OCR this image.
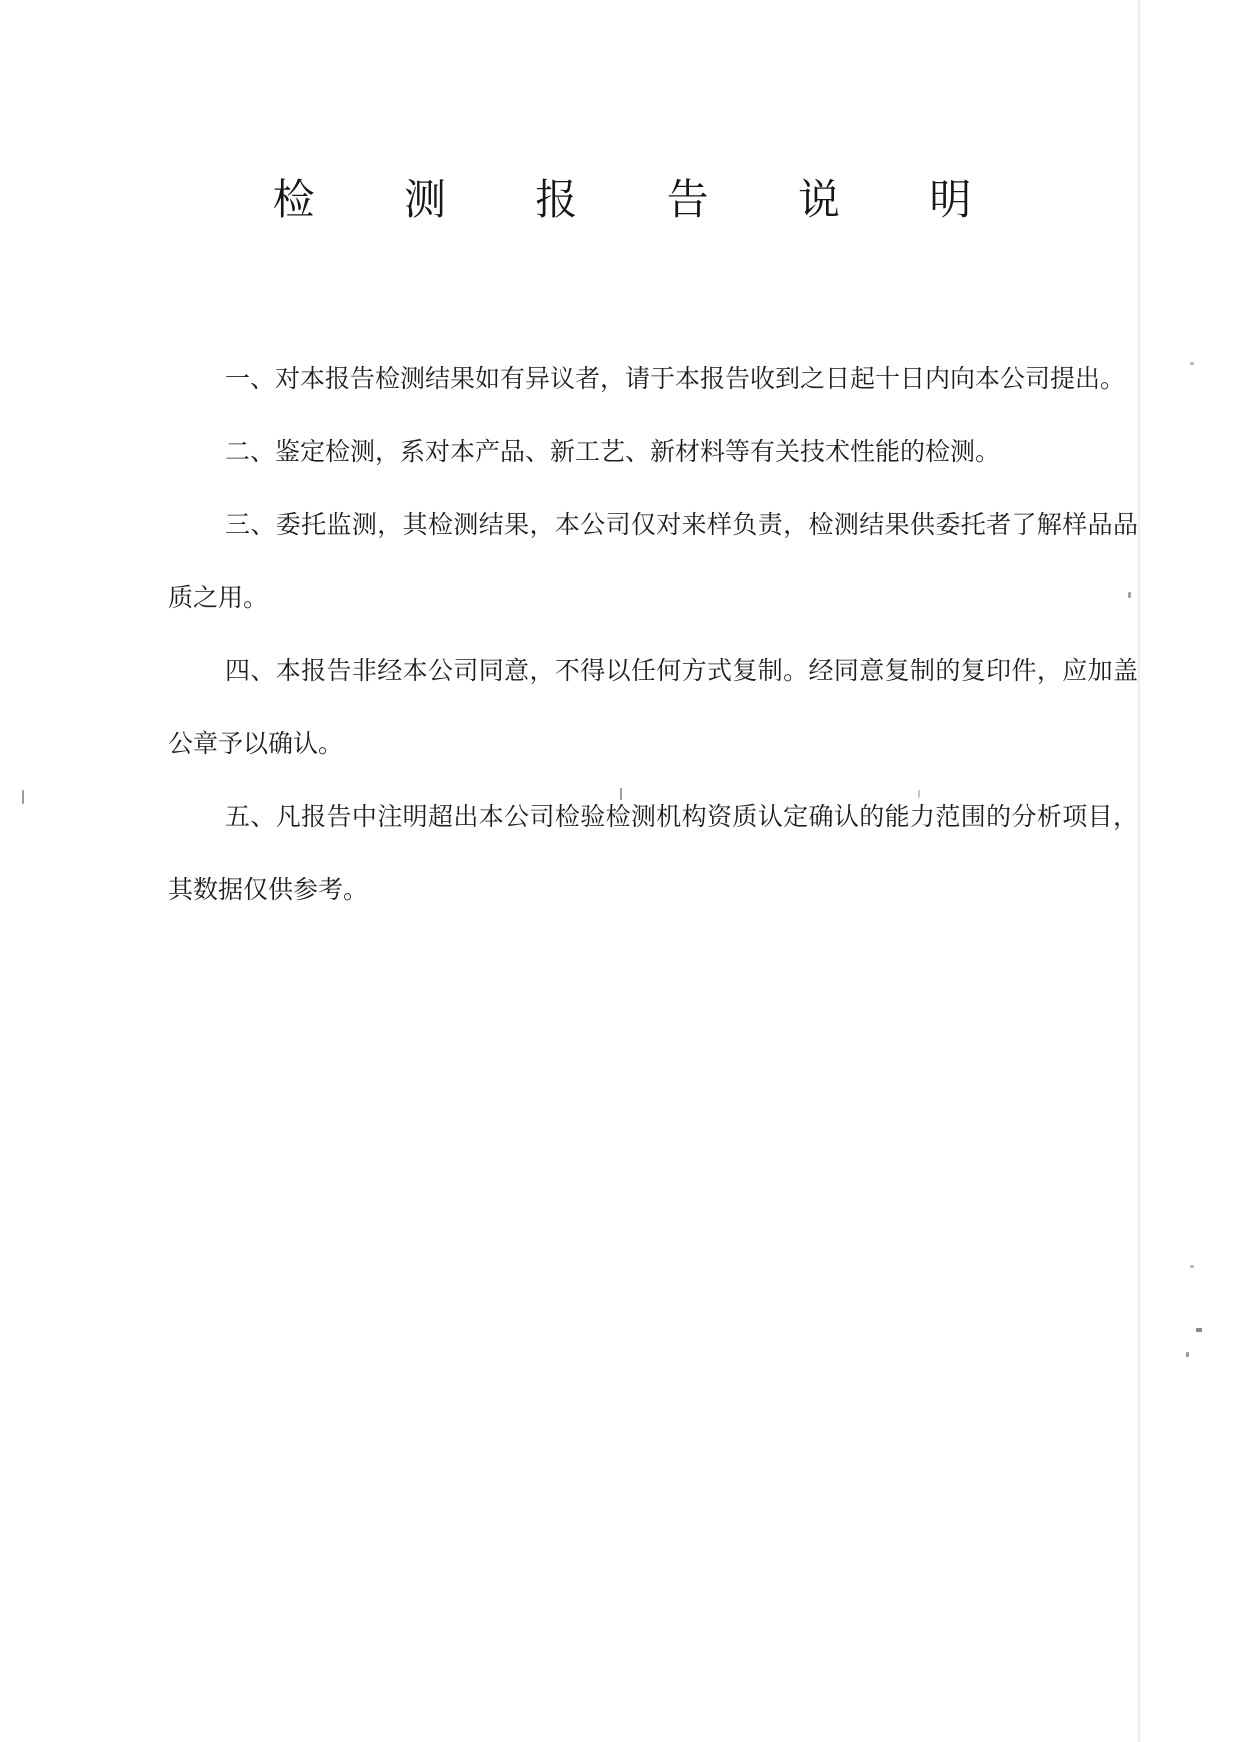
检 测 报 告 说 明

一、对本报告检测结果如有异议者，请于本报告收到之日起十日内向本公司提出。

二、鉴定检测，系对本产品、新工艺、新材料等有关技术性能的检测。

三、委托监测，其检测结果，本公司仅对来样负责，检测结果供委托者了解样品品质之用。

四、本报告非经本公司同意，不得以任何方式复制。经同意复制的复印件，应加盖公章予以确认。

五、凡报告中注明超出本公司检验检测机构资质认定确认的能力范围的分析项目，其数据仅供参考。
